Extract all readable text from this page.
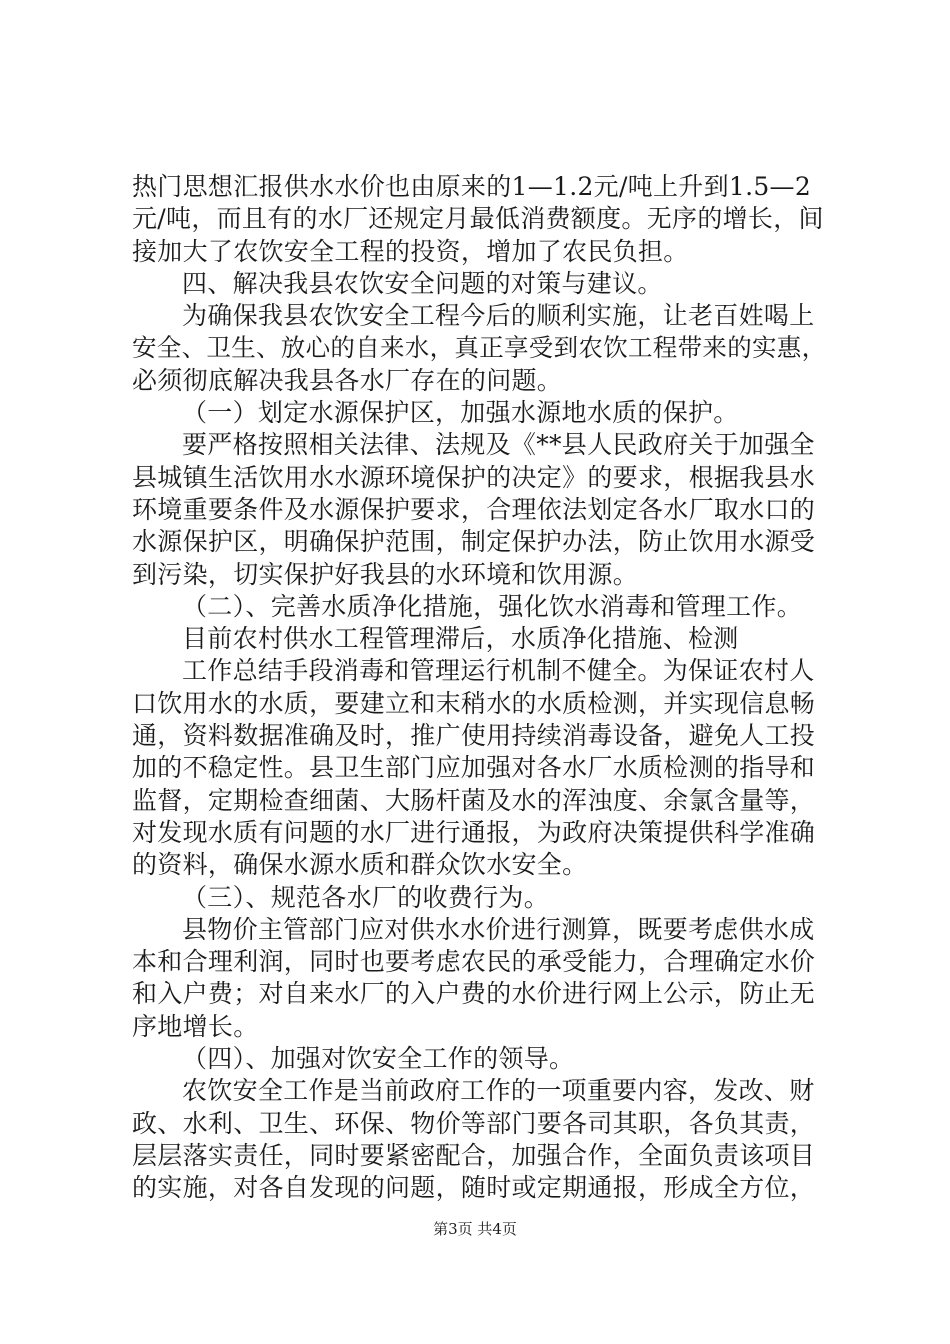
热门思想汇报供水水价也由原来的1—1.2元/吨上升到1.5—2
元/吨，而且有的水厂还规定月最低消费额度。无序的增长，间
接加大了农饮安全工程的投资，增加了农民负担。
四、解决我县农饮安全问题的对策与建议。
为确保我县农饮安全工程今后的顺利实施，让老百姓喝上
安全、卫生、放心的自来水，真正享受到农饮工程带来的实惠，
必须彻底解决我县各水厂存在的问题。
（一）划定水源保护区，加强水源地水质的保护。
要严格按照相关法律、法规及《**县人民政府关于加强全
县城镇生活饮用水水源环境保护的决定》的要求，根据我县水
环境重要条件及水源保护要求，合理依法划定各水厂取水口的
水源保护区，明确保护范围，制定保护办法，防止饮用水源受
到污染，切实保护好我县的水环境和饮用源。
（二）、完善水质净化措施，强化饮水消毒和管理工作。
目前农村供水工程管理滞后，水质净化措施、检测
工作总结手段消毒和管理运行机制不健全。为保证农村人
口饮用水的水质，要建立和末稍水的水质检测，并实现信息畅
通，资料数据准确及时，推广使用持续消毒设备，避免人工投
加的不稳定性。县卫生部门应加强对各水厂水质检测的指导和
监督，定期检查细菌、大肠杆菌及水的浑浊度、余氯含量等，
对发现水质有问题的水厂进行通报，为政府决策提供科学准确
的资料，确保水源水质和群众饮水安全。
（三）、规范各水厂的收费行为。
县物价主管部门应对供水水价进行测算，既要考虑供水成
本和合理利润，同时也要考虑农民的承受能力，合理确定水价
和入户费；对自来水厂的入户费的水价进行网上公示，防止无
序地增长。
（四）、加强对饮安全工作的领导。
农饮安全工作是当前政府工作的一项重要内容，发改、财
政、水利、卫生、环保、物价等部门要各司其职，各负其责，
层层落实责任，同时要紧密配合，加强合作，全面负责该项目
的实施，对各自发现的问题，随时或定期通报，形成全方位，
第3页 共4页
